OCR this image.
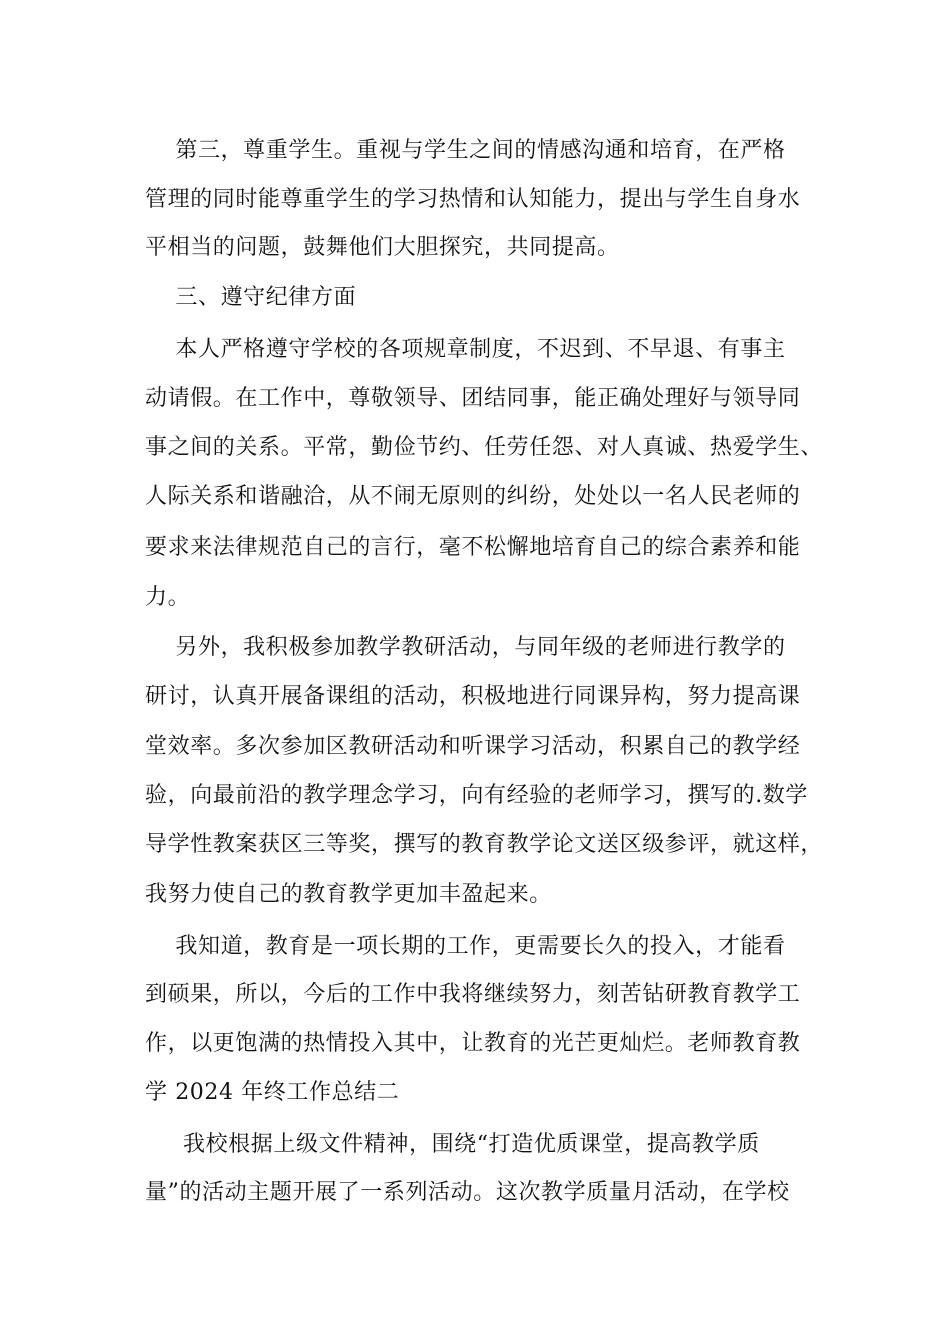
第三，尊重学生。重视与学生之间的情感沟通和培育，在严格
管理的同时能尊重学生的学习热情和认知能力，提出与学生自身水
平相当的问题，鼓舞他们大胆探究，共同提高。
三、遵守纪律方面
本人严格遵守学校的各项规章制度，不迟到、不早退、有事主
动请假。在工作中，尊敬领导、团结同事，能正确处理好与领导同
事之间的关系。平常，勤俭节约、任劳任怨、对人真诚、热爱学生、
人际关系和谐融洽，从不闹无原则的纠纷，处处以一名人民老师的
要求来法律规范自己的言行，毫不松懈地培育自己的综合素养和能
力。
另外，我积极参加教学教研活动，与同年级的老师进行教学的
研讨，认真开展备课组的活动，积极地进行同课异构，努力提高课
堂效率。多次参加区教研活动和听课学习活动，积累自己的教学经
验，向最前沿的教学理念学习，向有经验的老师学习，撰写的.数学
导学性教案获区三等奖，撰写的教育教学论文送区级参评，就这样，
我努力使自己的教育教学更加丰盈起来。
我知道，教育是一项长期的工作，更需要长久的投入，才能看
到硕果，所以，今后的工作中我将继续努力，刻苦钻研教育教学工
作，以更饱满的热情投入其中，让教育的光芒更灿烂。老师教育教
学 2024 年终工作总结二
我校根据上级文件精神，围绕“打造优质课堂，提高教学质
量”的活动主题开展了一系列活动。这次教学质量月活动，在学校
